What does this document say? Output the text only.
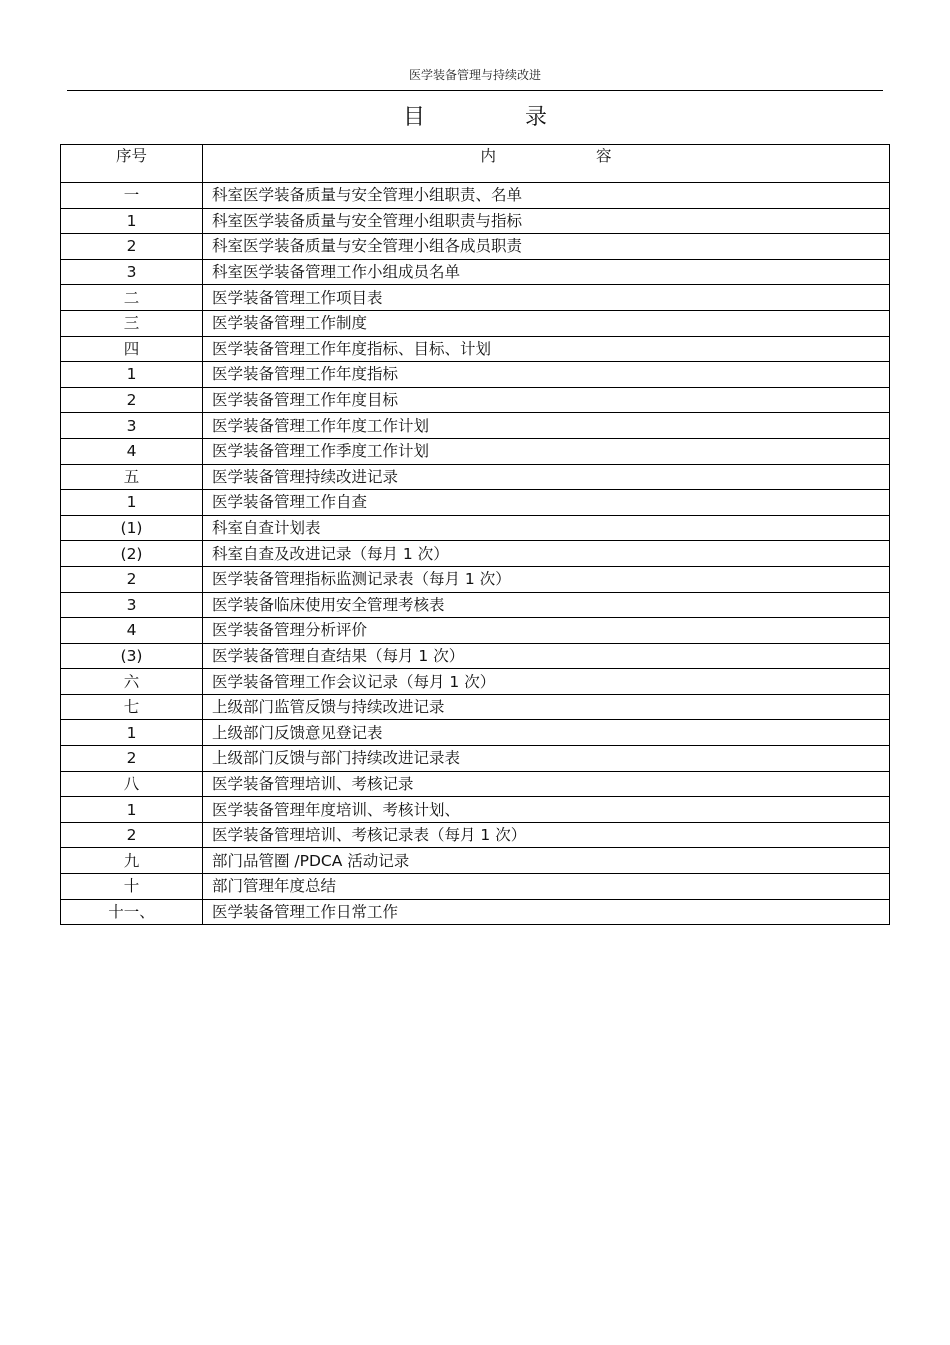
医学装备管理与持续改进
目	录
序号	内 容
一	科室医学装备质量与安全管理小组职责、名单
1	科室医学装备质量与安全管理小组职责与指标
2	科室医学装备质量与安全管理小组各成员职责
3	科室医学装备管理工作小组成员名单
二	医学装备管理工作项目表
三	医学装备管理工作制度
四	医学装备管理工作年度指标、目标、计划
1	医学装备管理工作年度指标
2	医学装备管理工作年度目标
3	医学装备管理工作年度工作计划
4	医学装备管理工作季度工作计划
五	医学装备管理持续改进记录
1	医学装备管理工作自查
(1)	科室自查计划表
(2)	科室自查及改进记录（每月 1 次）
2	医学装备管理指标监测记录表（每月 1 次）
3	医学装备临床使用安全管理考核表
4	医学装备管理分析评价
(3)	医学装备管理自查结果（每月 1 次）
六	医学装备管理工作会议记录（每月 1 次）
七	上级部门监管反馈与持续改进记录
1	上级部门反馈意见登记表
2	上级部门反馈与部门持续改进记录表
八	医学装备管理培训、考核记录
1	医学装备管理年度培训、考核计划、
2	医学装备管理培训、考核记录表（每月 1 次）
九	部门品管圈 /PDCA 活动记录
十	部门管理年度总结
十一、	医学装备管理工作日常工作
